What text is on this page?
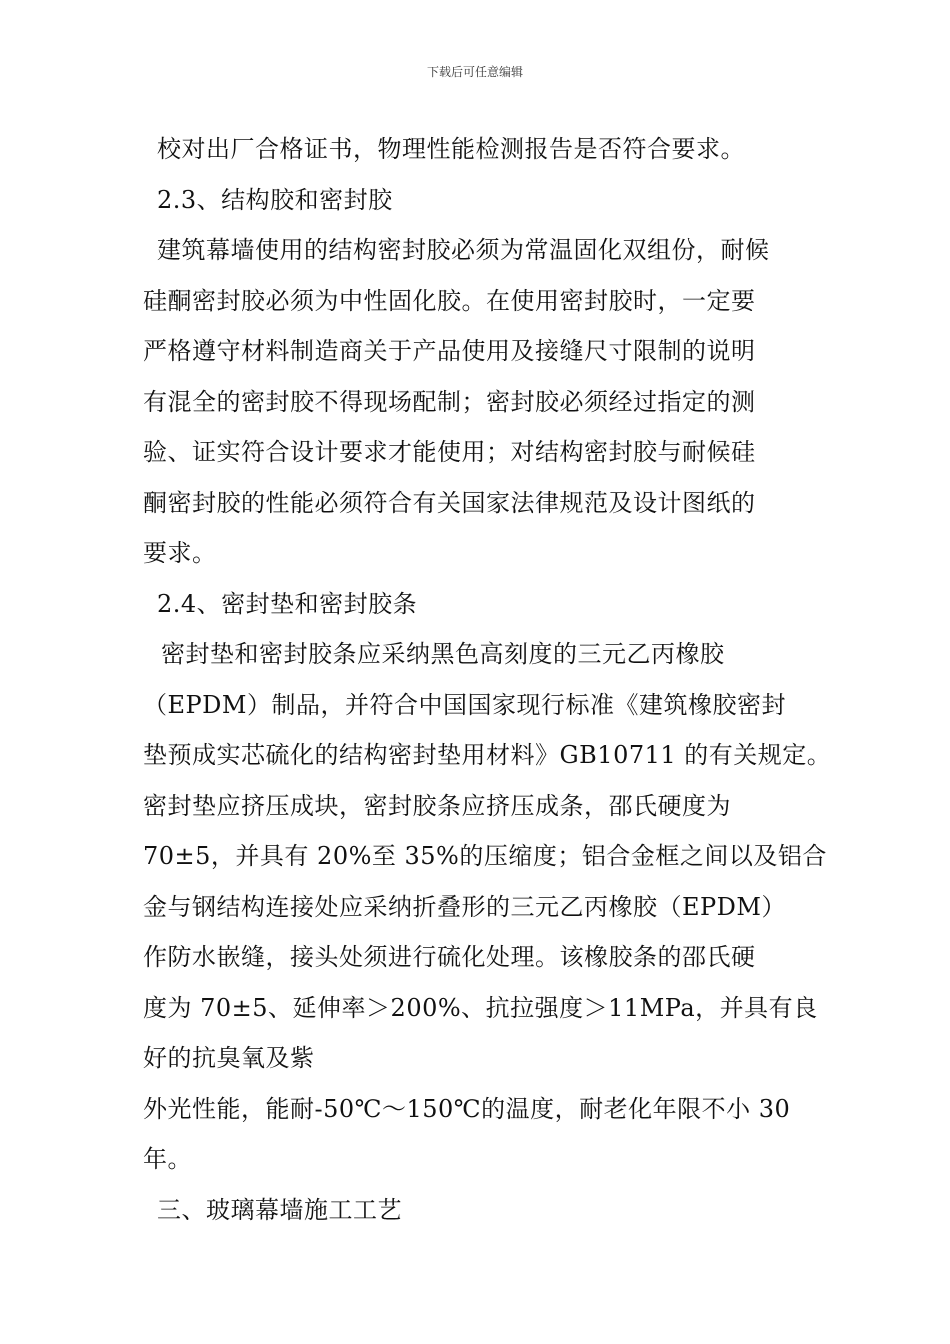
下载后可任意编辑
校对出厂合格证书，物理性能检测报告是否符合要求。
2.3、结构胶和密封胶
建筑幕墙使用的结构密封胶必须为常温固化双组份，耐候
硅酮密封胶必须为中性固化胶。在使用密封胶时，一定要
严格遵守材料制造商关于产品使用及接缝尺寸限制的说明
有混全的密封胶不得现场配制；密封胶必须经过指定的测
验、证实符合设计要求才能使用；对结构密封胶与耐候硅
酮密封胶的性能必须符合有关国家法律规范及设计图纸的
要求。
2.4、密封垫和密封胶条
密封垫和密封胶条应采纳黑色高刻度的三元乙丙橡胶
（EPDM）制品，并符合中国国家现行标准《建筑橡胶密封
垫预成实芯硫化的结构密封垫用材料》GB10711 的有关规定。
密封垫应挤压成块，密封胶条应挤压成条，邵氏硬度为
70±5，并具有 20%至 35%的压缩度；铝合金框之间以及铝合
金与钢结构连接处应采纳折叠形的三元乙丙橡胶（EPDM）
作防水嵌缝，接头处须进行硫化处理。该橡胶条的邵氏硬
度为 70±5、延伸率＞200%、抗拉强度＞11MPa，并具有良
好的抗臭氧及紫
外光性能，能耐-50℃～150℃的温度，耐老化年限不小 30
年。
三、玻璃幕墙施工工艺
